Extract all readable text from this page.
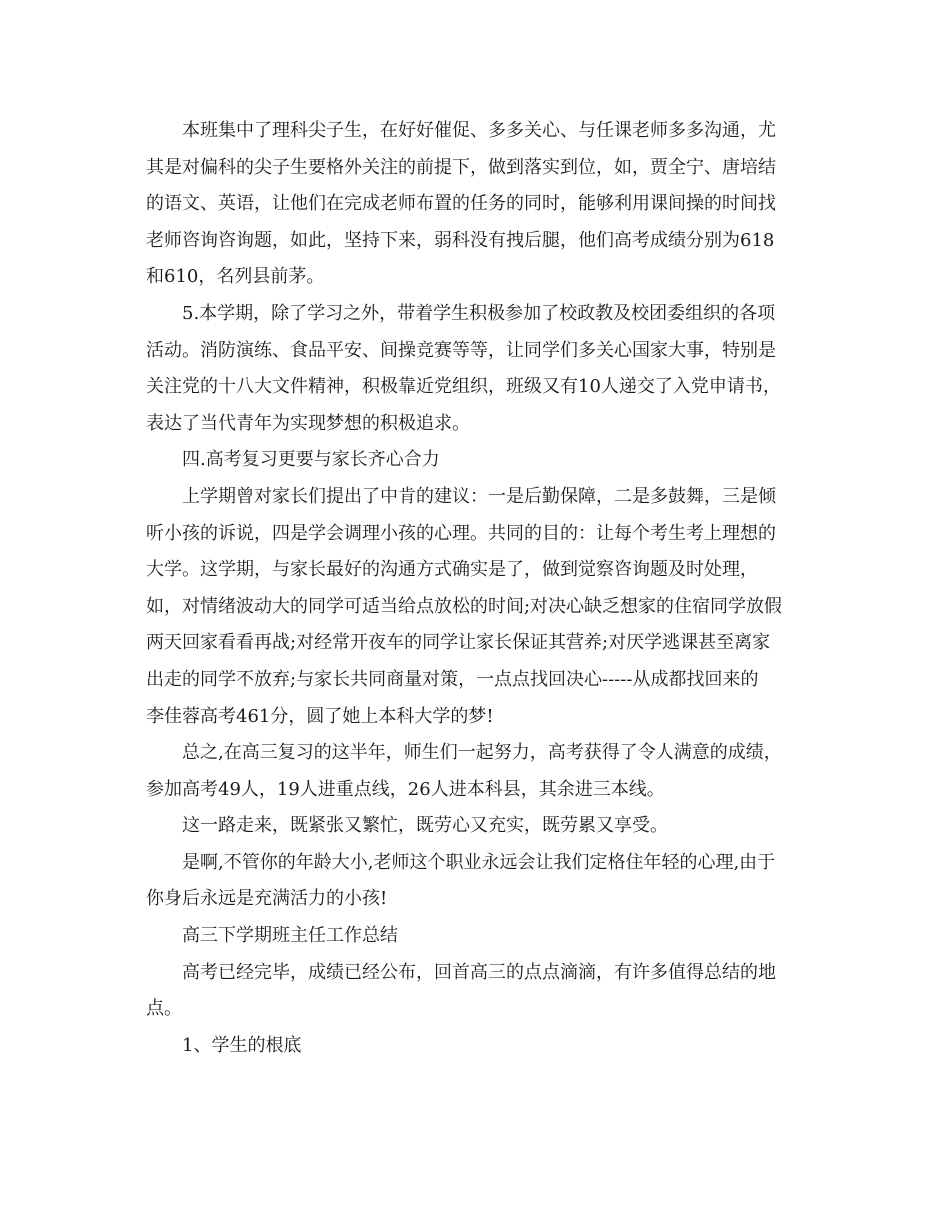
本班集中了理科尖子生，在好好催促、多多关心、与任课老师多多沟通，尤
其是对偏科的尖子生要格外关注的前提下，做到落实到位，如，贾全宁、唐培结
的语文、英语，让他们在完成老师布置的任务的同时，能够利用课间操的时间找
老师咨询咨询题，如此，坚持下来，弱科没有拽后腿，他们高考成绩分别为618
和610，名列县前茅。
5.本学期，除了学习之外，带着学生积极参加了校政教及校团委组织的各项
活动。消防演练、食品平安、间操竞赛等等，让同学们多关心国家大事，特别是
关注党的十八大文件精神，积极靠近党组织，班级又有10人递交了入党申请书，
表达了当代青年为实现梦想的积极追求。
四.高考复习更要与家长齐心合力
上学期曾对家长们提出了中肯的建议：一是后勤保障，二是多鼓舞，三是倾
听小孩的诉说，四是学会调理小孩的心理。共同的目的：让每个考生考上理想的
大学。这学期，与家长最好的沟通方式确实是了，做到觉察咨询题及时处理，
如，对情绪波动大的同学可适当给点放松的时间;对决心缺乏想家的住宿同学放假
两天回家看看再战;对经常开夜车的同学让家长保证其营养;对厌学逃课甚至离家
出走的同学不放弃;与家长共同商量对策，一点点找回决心-----从成都找回来的
李佳蓉高考461分，圆了她上本科大学的梦!
总之,在高三复习的这半年，师生们一起努力，高考获得了令人满意的成绩，
参加高考49人，19人进重点线，26人进本科县，其余进三本线。
这一路走来，既紧张又繁忙，既劳心又充实，既劳累又享受。
是啊,不管你的年龄大小,老师这个职业永远会让我们定格住年轻的心理,由于
你身后永远是充满活力的小孩!
高三下学期班主任工作总结
高考已经完毕，成绩已经公布，回首高三的点点滴滴，有许多值得总结的地
点。
1、学生的根底
